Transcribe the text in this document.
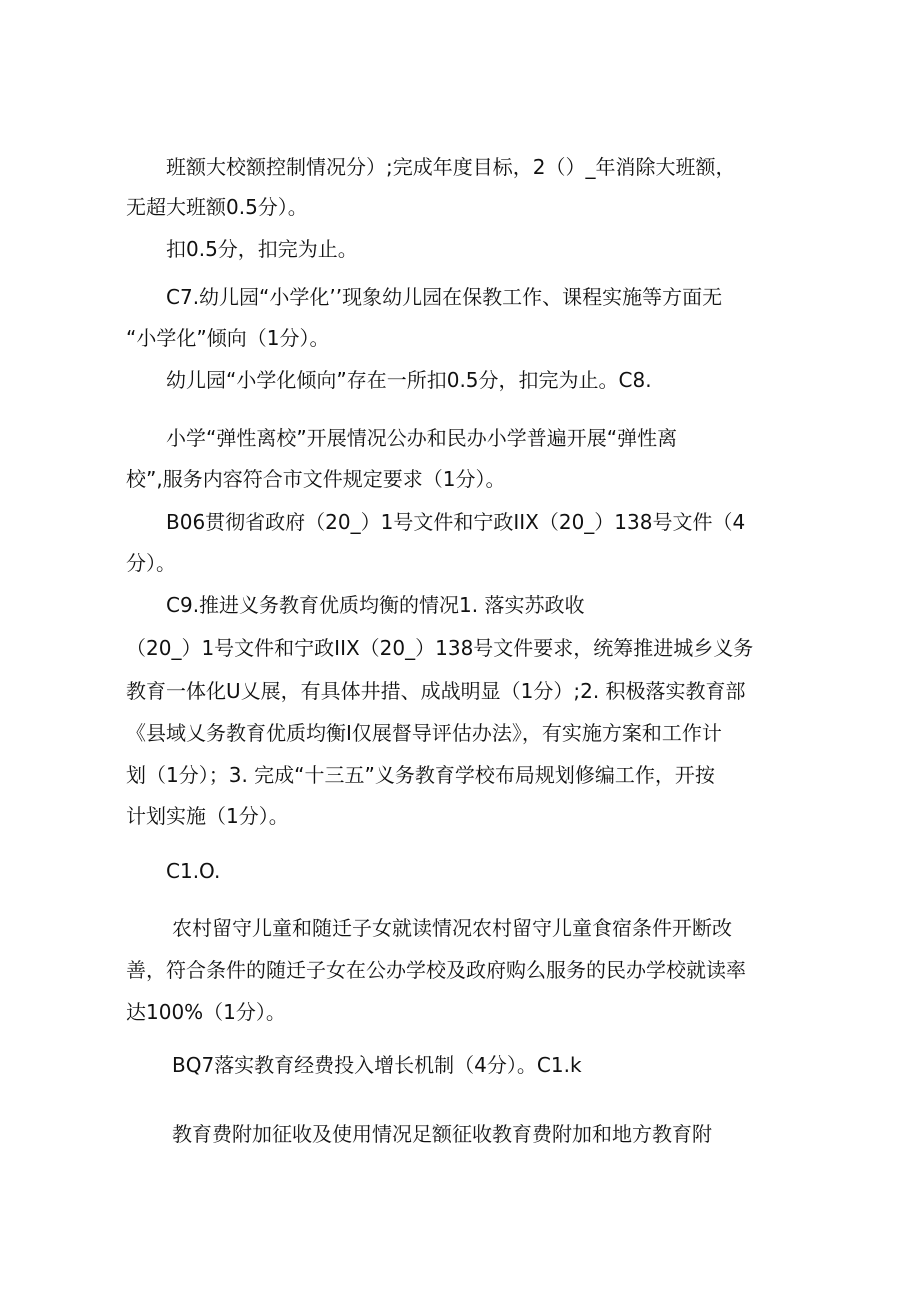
班额大校额控制情况分）;完成年度目标，2（）_年消除大班额，
无超大班额0.5分）。
扣0.5分，扣完为止。
C7.幼儿园“小学化’’现象幼儿园在保教工作、课程实施等方面无
“小学化”倾向（1分）。
幼儿园“小学化倾向”存在一所扣0.5分，扣完为止。C8.
小学“弹性离校”开展情况公办和民办小学普遍开展“弹性离
校”,服务内容符合市文件规定要求（1分）。
B06贯彻省政府（20_）1号文件和宁政IIX（20_）138号文件（4
分）。
C9.推进义务教育优质均衡的情况1. 落实苏政收
（20_）1号文件和宁政IIX（20_）138号文件要求，统筹推进城乡义务
教育一体化U乂展，有具体井措、成战明显（1分）;2. 积极落实教育部
《县域乂务教育优质均衡I仅展督导评估办法》，有实施方案和工作计
划（1分）；3. 完成“十三五”义务教育学校布局规划修编工作，开按
计划实施（1分）。
C1.O.
农村留守儿童和随迁子女就读情况农村留守儿童食宿条件开断改
善，符合条件的随迁子女在公办学校及政府购么服务的民办学校就读率
达100%（1分）。
BQ7落实教育经费投入增长机制（4分）。C1.k
教育费附加征收及使用情况足额征收教育费附加和地方教育附
